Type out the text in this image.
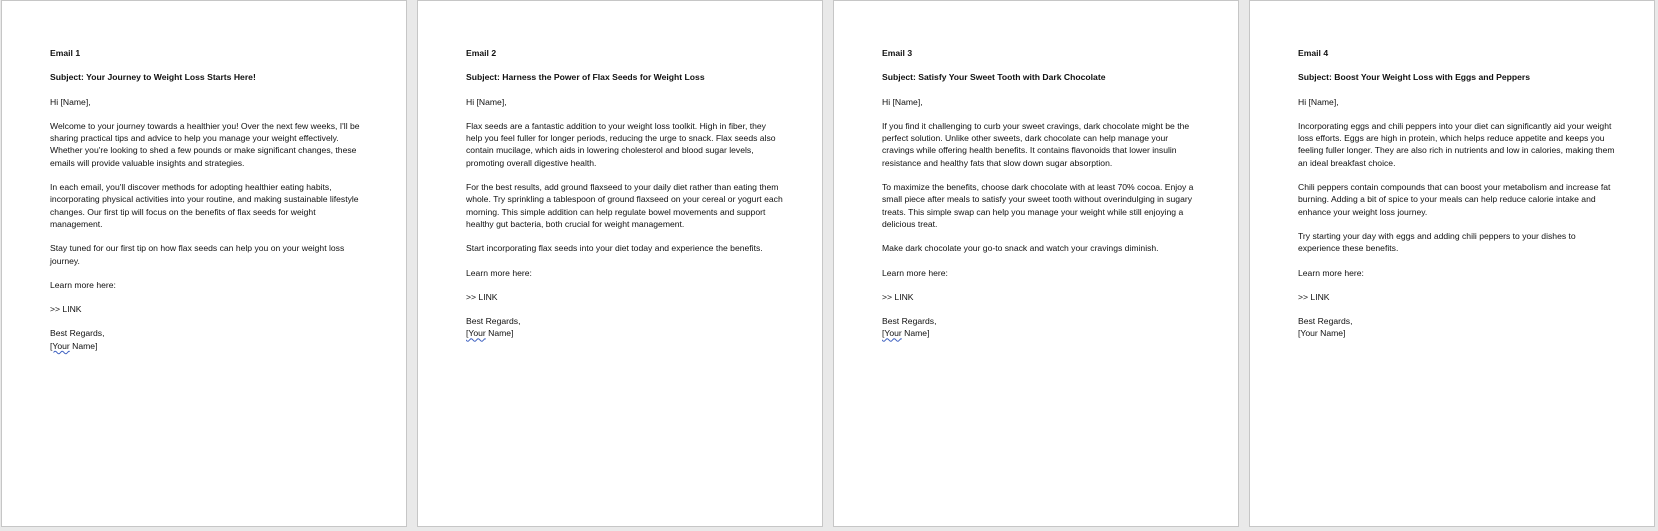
Email 1

Subject: Your Journey to Weight Loss Starts Here!

Hi [Name],

Welcome to your journey towards a healthier you! Over the next few weeks, I'll be sharing practical tips and advice to help you manage your weight effectively. Whether you're looking to shed a few pounds or make significant changes, these emails will provide valuable insights and strategies.

In each email, you'll discover methods for adopting healthier eating habits, incorporating physical activities into your routine, and making sustainable lifestyle changes. Our first tip will focus on the benefits of flax seeds for weight management.

Stay tuned for our first tip on how flax seeds can help you on your weight loss journey.

Learn more here:

>> LINK

Best Regards,

[Your Name]

Email 2

Subject: Harness the Power of Flax Seeds for Weight Loss

Hi [Name],

Flax seeds are a fantastic addition to your weight loss toolkit. High in fiber, they help you feel fuller for longer periods, reducing the urge to snack. Flax seeds also contain mucilage, which aids in lowering cholesterol and blood sugar levels, promoting overall digestive health.

For the best results, add ground flaxseed to your daily diet rather than eating them whole. Try sprinkling a tablespoon of ground flaxseed on your cereal or yogurt each morning. This simple addition can help regulate bowel movements and support healthy gut bacteria, both crucial for weight management.

Start incorporating flax seeds into your diet today and experience the benefits.

Learn more here:

>> LINK

Best Regards,

[Your Name]

Email 3

Subject: Satisfy Your Sweet Tooth with Dark Chocolate

Hi [Name],

If you find it challenging to curb your sweet cravings, dark chocolate might be the perfect solution. Unlike other sweets, dark chocolate can help manage your cravings while offering health benefits. It contains flavonoids that lower insulin resistance and healthy fats that slow down sugar absorption.

To maximize the benefits, choose dark chocolate with at least 70% cocoa. Enjoy a small piece after meals to satisfy your sweet tooth without overindulging in sugary treats. This simple swap can help you manage your weight while still enjoying a delicious treat.

Make dark chocolate your go-to snack and watch your cravings diminish.

Learn more here:

>> LINK

Best Regards,

[Your Name]

Email 4

Subject: Boost Your Weight Loss with Eggs and Peppers

Hi [Name],

Incorporating eggs and chili peppers into your diet can significantly aid your weight loss efforts. Eggs are high in protein, which helps reduce appetite and keeps you feeling fuller longer. They are also rich in nutrients and low in calories, making them an ideal breakfast choice.

Chili peppers contain compounds that can boost your metabolism and increase fat burning. Adding a bit of spice to your meals can help reduce calorie intake and enhance your weight loss journey.

Try starting your day with eggs and adding chili peppers to your dishes to experience these benefits.

Learn more here:

>> LINK

Best Regards,

[Your Name]
